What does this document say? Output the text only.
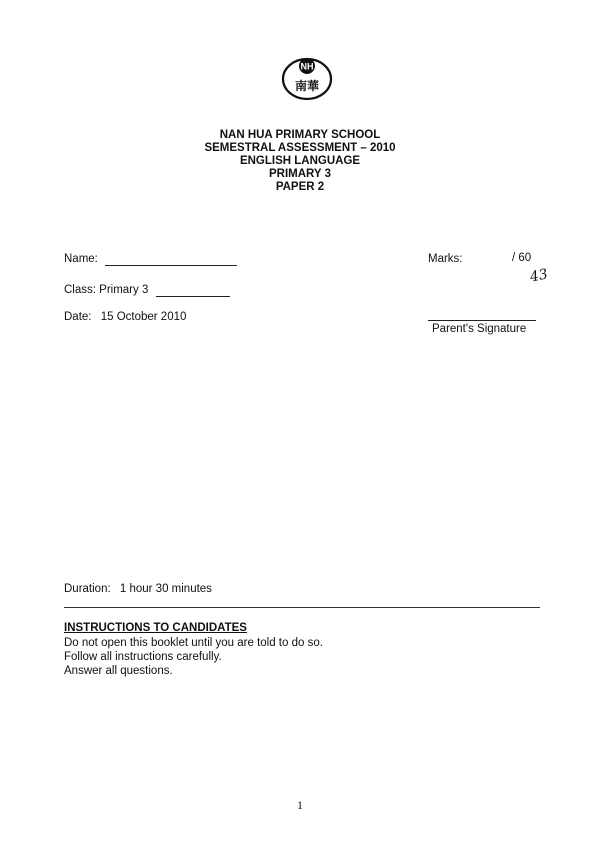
NH
南華
NAN HUA PRIMARY SCHOOL
SEMESTRAL ASSESSMENT – 2010
ENGLISH LANGUAGE
PRIMARY 3
PAPER 2
Name:
Class: Primary 3
Date: 15 October 2010
Marks:	/ 60
43
Parent's Signature
Duration: 1 hour 30 minutes
INSTRUCTIONS TO CANDIDATES
Do not open this booklet until you are told to do so.
Follow all instructions carefully.
Answer all questions.
1
